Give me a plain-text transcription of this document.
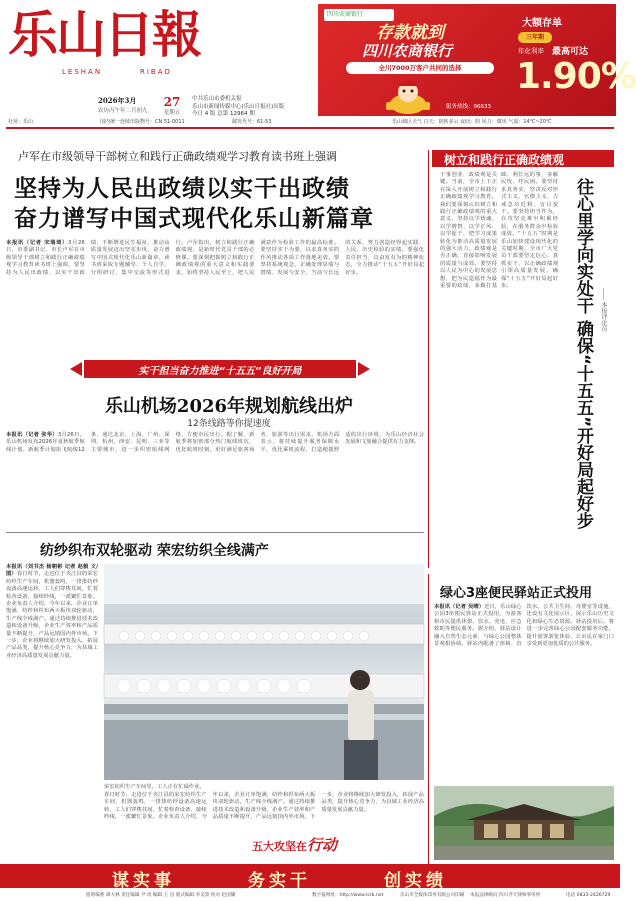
乐山日報
LESHAN	RIBAO
2026年3月
农历丙午年二月初九
27
星期五
中共乐山市委机关报
乐山市新闻传媒中心(乐山日报社)出版
今日 4 版 总第 12964 期
四川农商银行
存款就到
四川农商银行
全川7000万客户共同的选择
大额存单
三年期
年化利率 最高可达
1.90%
服务热线：96633
社址：乐山	国内统一连续出版物号：CN 51-0011	邮发代号：61-53	乐山城区天气 白天：阴转多云 夜间：阴 风力：微风 气温：14℃~20℃
卢军在市级领导干部树立和践行正确政绩观学习教育读书班上强调
坚持为人民出政绩以实干出政绩
奋力谱写中国式现代化乐山新篇章
本报讯（记者 宋瑞琦）3月26日，市委副书记、市长卢军在市级领导干部树立和践行正确政绩观学习教育读书班上强调，要坚持为人民出政绩、以实干出政绩，不断增进民生福祉，推动高质量发展迈出坚实步伐，奋力谱写中国式现代化乐山新篇章。读书班采取专题辅导、个人自学、分组研讨、集中交流等形式进行。卢军指出，树立和践行正确政绩观，是新时代党员干部的必修课。要深刻把握树立和践行正确政绩观的重大意义和实践要求，始终坚持人民至上，把人民满意作为检验工作的最高标准。要坚持实干为要，以求真务实的作风推动各项工作落地见效。要坚持系统观念，正确处理显绩与潜绩、发展与安全、当前与长远的关系，努力创造经得起实践、人民、历史检验的实绩。要强化责任担当，以奋发有为的精神状态，全力推动“十五五”开好局起好步。
树立和践行正确政绩观
干事创业，政绩观是关键。当前，全市上下正在深入开展树立和践行正确政绩观学习教育。我们要深刻认识树立和践行正确政绩观的重大意义，坚持以学铸魂、以学增智、以学正风、以学促干，把学习成果转化为推动高质量发展的强大动力。政绩观是否正确，直接影响发展的质量与成效。要坚持以人民为中心的发展思想，把为民造福作为最重要的政绩，多做打基础、利长远的事，多解民忧、纾民困。要坚持求真务实，坚决反对形式主义、官僚主义，力戒急功近利、盲目蛮干。要坚持担当作为，在攻坚克难中积累经验，在服务群众中检验成效。“十五五”时期是乐山加快建设现代化的关键时期，全市广大党员干部要坚定信心、真抓实干，以正确政绩观引领高质量发展，确保“十五五”开好局起好步。	往心里学向实处干 确保“十五五”开好局起好步	—— 本报评论员
实干担当奋力推进“十五五”良好开局
乐山机场2026年规划航线出炉
12条线路等你提速度
本报讯（记者 张华）3月26日，乐山机场发布2026年夏秋航季航线计划。新航季计划执飞航线12条，通达北京、上海、广州、深圳、杭州、西安、昆明、三亚等主要城市，进一步织密航线网络，方便市民出行。据了解，新航季将加密部分热门航线班次，优化航班时刻，更好满足旅客商务、旅游等出行需求。机场方面表示，将持续提升服务保障水平，优化乘机流程，打造便捷舒适的出行环境，为乐山经济社会发展和文旅融合提供有力支撑。
纺纱织布双轮驱动 荣宏纺织全线满产
本报讯（刘书杰 杨朝彬 记者 赵毅 文/图）春日时节，走进位于夹江县的荣宏纺织生产车间，机器轰鸣，一排排纺纱设备高速运转，工人们穿梭其间，忙着检查设备、接续纱线，一派繁忙景象。企业负责人介绍，今年以来，企业订单饱满，纺纱和织布两大板块双轮驱动，生产线全线满产。通过持续推进技术改造和设备升级，企业生产效率和产品质量不断提升，产品远销国内外市场。下一步，企业将继续加大研发投入，拓展产品品类，提升核心竞争力，为县域工业经济高质量发展贡献力量。
荣宏纺织生产车间里，工人正在忙碌作业。
春日时节，走进位于夹江县的荣宏纺织生产车间，机器轰鸣，一排排纺纱设备高速运转，工人们穿梭其间，忙着检查设备、接续纱线，一派繁忙景象。企业负责人介绍，今年以来，企业订单饱满，纺纱和织布两大板块双轮驱动，生产线全线满产。通过持续推进技术改造和设备升级，企业生产效率和产品质量不断提升，产品远销国内外市场。下一步，企业将继续加大研发投入，拓展产品品类，提升核心竞争力，为县域工业经济高质量发展贡献力量。
五大攻坚在行动
绿心3座便民驿站正式投用
本报讯（记者 吴晴）近日，乐山绿心公园3座便民驿站正式投用，为游客和市民提供休憩、饮水、充电、应急救助等便民服务。据介绍，驿站设计融入自然生态元素，与绿心公园整体景观相协调。驿站内配备了座椅、直饮水、公共卫生间、母婴室等设施，还设有文化展示区，展示乐山历史文化和绿心生态资源。驿站投用后，将进一步完善绿心公园配套服务功能，提升游客游览体验，让市民在家门口享受到更加优质的公共服务。
谋实事	务实干	创实绩
值班编委 谭大林 责任编辑 尹 瑶 编辑 王 昌 版式编辑 李美景 校对 赵国耀	数字报网址：http://www.lsrb.net	乐山市全媒体印务有限公司印刷 本报法律顾问 四川齐天律师事务所	电话 0833-2426729
